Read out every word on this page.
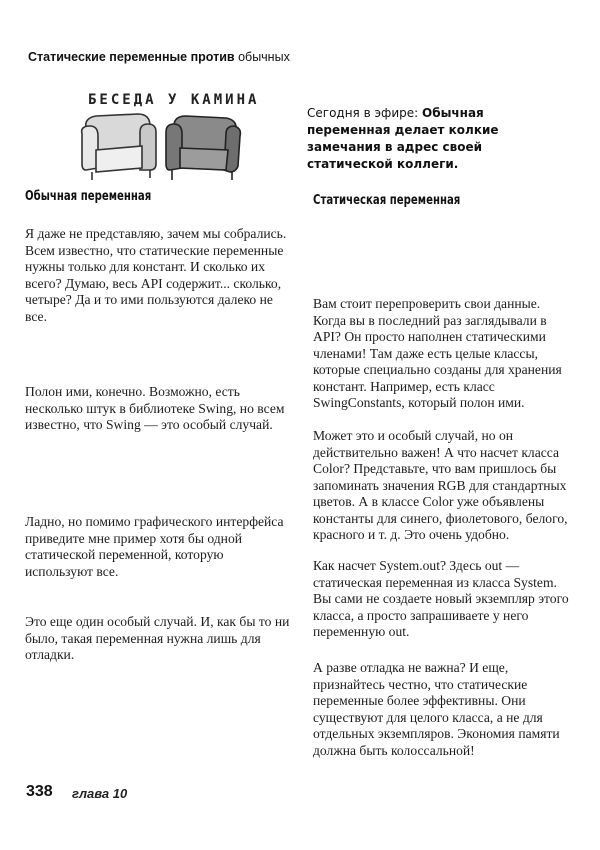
Статические переменные против обычных
БЕСЕДА У КАМИНА
Сегодня в эфире: Обычная переменная делает колкие замечания в адрес своей статической коллеги.
Обычная переменная	Статическая переменная
Я даже не представляю, зачем мы собрались. Всем известно, что статические переменные нужны только для констант. И сколько их всего? Думаю, весь API содержит... сколько, четыре? Да и то ими пользуются далеко не все.
Полон ими, конечно. Возможно, есть несколько штук в библиотеке Swing, но всем известно, что Swing — это особый случай.
Ладно, но помимо графического интерфейса приведите мне пример хотя бы одной статической переменной, которую используют все.
Это еще один особый случай. И, как бы то ни было, такая переменная нужна лишь для отладки.
Вам стоит перепроверить свои данные. Когда вы в последний раз заглядывали в API? Он просто наполнен статическими членами! Там даже есть целые классы, которые специально созданы для хранения констант. Например, есть класс SwingConstants, который полон ими.
Может это и особый случай, но он действительно важен! А что насчет класса Color? Представьте, что вам пришлось бы запоминать значения RGB для стандартных цветов. А в классе Color уже объявлены константы для синего, фиолетового, белого, красного и т. д. Это очень удобно.
Как насчет System.out? Здесь out — статическая переменная из класса System. Вы сами не создаете новый экземпляр этого класса, а просто запрашиваете у него переменную out.
А разве отладка не важна? И еще, признайтесь честно, что статические переменные более эффективны. Они существуют для целого класса, а не для отдельных экземпляров. Экономия памяти должна быть колоссальной!
338 глава 10
